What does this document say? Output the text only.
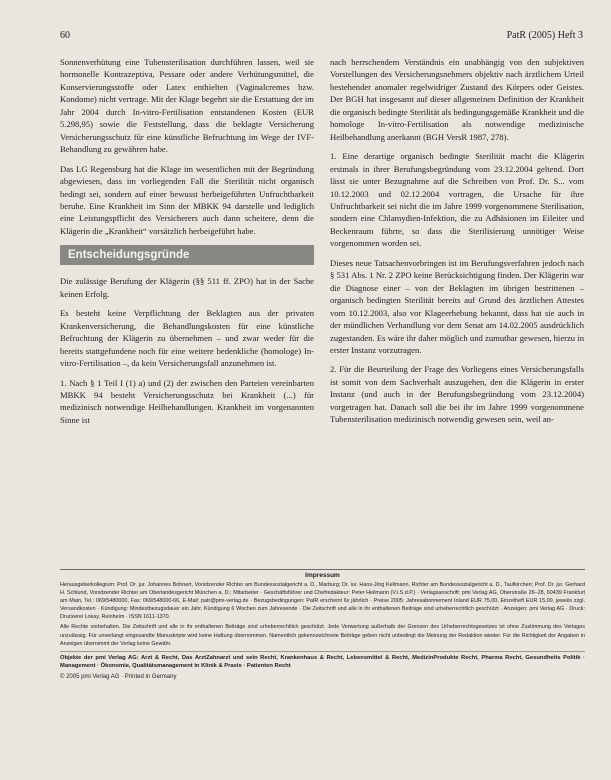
60	PatR (2005) Heft 3

Sonnenverhütung eine Tubensterilisation durchführen lassen, weil sie hormonelle Kontrazeptiva, Pessare oder andere Verhütungsmittel, die Konservierungsstoffe oder Latex enthielten (Vaginalcremes bzw. Kondome) nicht vertrage. Mit der Klage begehrt sie die Erstattung der im Jahr 2004 durch In-vitro-Fertilisation entstandenen Kosten (EUR 5.298,95) sowie die Feststellung, dass die beklagte Versicherung Versicherungsschutz für eine künstliche Befruchtung im Wege der IVF-Behandlung zu gewähren habe.

Das LG Regensburg hat die Klage im wesentlichen mit der Begründung abgewiesen, dass im vorliegenden Fall die Sterilität nicht organisch bedingt sei, sondern auf einer bewusst herbeigeführten Unfruchtbarkeit beruhe. Eine Krankheit im Sinn der MBKK 94 darstelle und lediglich eine Leistungspflicht des Versicherers auch dann scheitere, denn die Klägerin die „Krankheit“ vorsätzlich herbeigeführt habe.

Entscheidungsgründe

Die zulässige Berufung der Klägerin (§§ 511 ff. ZPO) hat in der Sache keinen Erfolg.

Es besteht keine Verpflichtung der Beklagten aus der privaten Krankenversicherung, die Behandlungskosten für eine künstliche Befruchtung der Klägerin zu übernehmen – und zwar weder für die bereits stattgefundene noch für eine weitere bedenkliche (homologe) In-vitro-Fertilisation –, da kein Versicherungsfall anzunehmen ist.

1. Nach § 1 Teil I (1) a) und (2) der zwischen den Parteien vereinbarten MBKK 94 besteht Versicherungsschutz bei Krankheit (...) für medizinisch notwendige Heilbehandlungen. Krankheit im vorgenannten Sinne ist

nach herrschendem Verständnis ein unabhängig von den subjektiven Vorstellungen des Versicherungsnehmers objektiv nach ärztlichem Urteil bestehender anomaler regelwidriger Zustand des Körpers oder Geistes. Der BGH hat insgesamt auf dieser allgemeinen Definition der Krankheit die organisch bedingte Sterilität als bedingungsgemäße Krankheit und die homologe In-vitro-Fertilisation als notwendige medizinische Heilbehandlung anerkannt (BGH VersR 1987, 278).

1. Eine derartige organisch bedingte Sterilität macht die Klägerin erstmals in ihrer Berufungsbegründung vom 23.12.2004 geltend. Dort lässt sie unter Bezugnahme auf die Schreiben von Prof. Dr. S... vom 10.12.2003 und 02.12.2004 vortragen, die Ursache für ihre Unfruchtbarkeit sei nicht die im Jahre 1999 vorgenommene Sterilisation, sondern eine Chlamydien-Infektion, die zu Adhäsionen im Eileiter und Beckenraum führte, so dass die Sterilisierung unnötiger Weise vorgenommen worden sei.

Dieses neue Tatsachenvorbringen ist im Berufungsverfahren jedoch nach § 531 Abs. 1 Nr. 2 ZPO keine Berücksichtigung finden. Der Klägerin war die Diagnose einer – von der Beklagten im übrigen bestrittenen – organisch bedingten Sterilität bereits auf Grund des ärztlichen Attestes vom 10.12.2003, also vor Klageerhebung bekannt, dass hat sie auch in der mündlichen Verhandlung vor dem Senat am 14.02.2005 ausdrücklich zugestanden. Es wäre ihr daher möglich und zumutbar gewesen, hierzu in erster Instanz vorzutragen.

2. Für die Beurteilung der Frage des Vorliegens eines Versicherungsfalls ist somit von dem Sachverhalt auszugehen, den die Klägerin in erster Instanz (und auch in der Berufungsbegründung vom 23.12.2004) vorgetragen hat. Danach soll die bei ihr im Jahre 1999 vorgenommene Tubensterilisation medizinisch notwendig gewesen sein, weil an-

Impressum

Herausgeberkollegium: Prof. Dr. jur. Johannes Bohnert, Vorsitzender Richter am Bundessozialgericht a. D., Marburg; Dr. iur. Hans-Jörg Kellmann, Richter am Bundessozialgericht a. D., Taufkirchen; Prof. Dr. jur. Gerhard H. Schlund, Vorsitzender Richter am Oberlandesgericht München a. D.; Mitarbeiter · Geschäftsführer und Chefredakteur: Peter Heilmann (V.i.S.d.P.) · Verlagsanschrift: pmi Verlag AG, Oberstraße 26–28, 60439 Frankfurt am Main, Tel.: 069/5480000, Fax: 069/548000-66, E-Mail: patr@pmi-verlag.de · Bezugsbedingungen: PatR erscheint 6x jährlich · Preise 2005: Jahresabonnement Inland EUR 75,00, Einzelheft EUR 15,00, jeweils zzgl. Versandkosten · Kündigung: Mindestbezugsdauer ein Jahr, Kündigung 6 Wochen zum Jahresende · Die Zeitschrift und alle in ihr enthaltenen Beiträge sind urheberrechtlich geschützt · Anzeigen: pmi Verlag AG · Druck: Druckerei Lokay, Reinheim · ISSN 1611-1370.

Alle Rechte vorbehalten. Die Zeitschrift und alle in ihr enthaltenen Beiträge sind urheberrechtlich geschützt. Jede Verwertung außerhalb der Grenzen des Urheberrechtsgesetzes ist ohne Zustimmung des Verlages unzulässig. Für unverlangt eingesandte Manuskripte wird keine Haftung übernommen. Namentlich gekennzeichnete Beiträge geben nicht unbedingt die Meinung der Redaktion wieder. Für die Richtigkeit der Angaben in Anzeigen übernimmt der Verlag keine Gewähr.

Objekte der pmi Verlag AG: Arzt & Recht, Das ArztZahnarzt und sein Recht, Krankenhaus & Recht, Lebensmittel & Recht, MedizinProdukte Recht, Pharma Recht, Gesundheits Politik · Management · Ökonomie, Qualitätsmanagement in Klinik & Praxis · Patienten Recht

© 2005 pmi Verlag AG · Printed in Germany
